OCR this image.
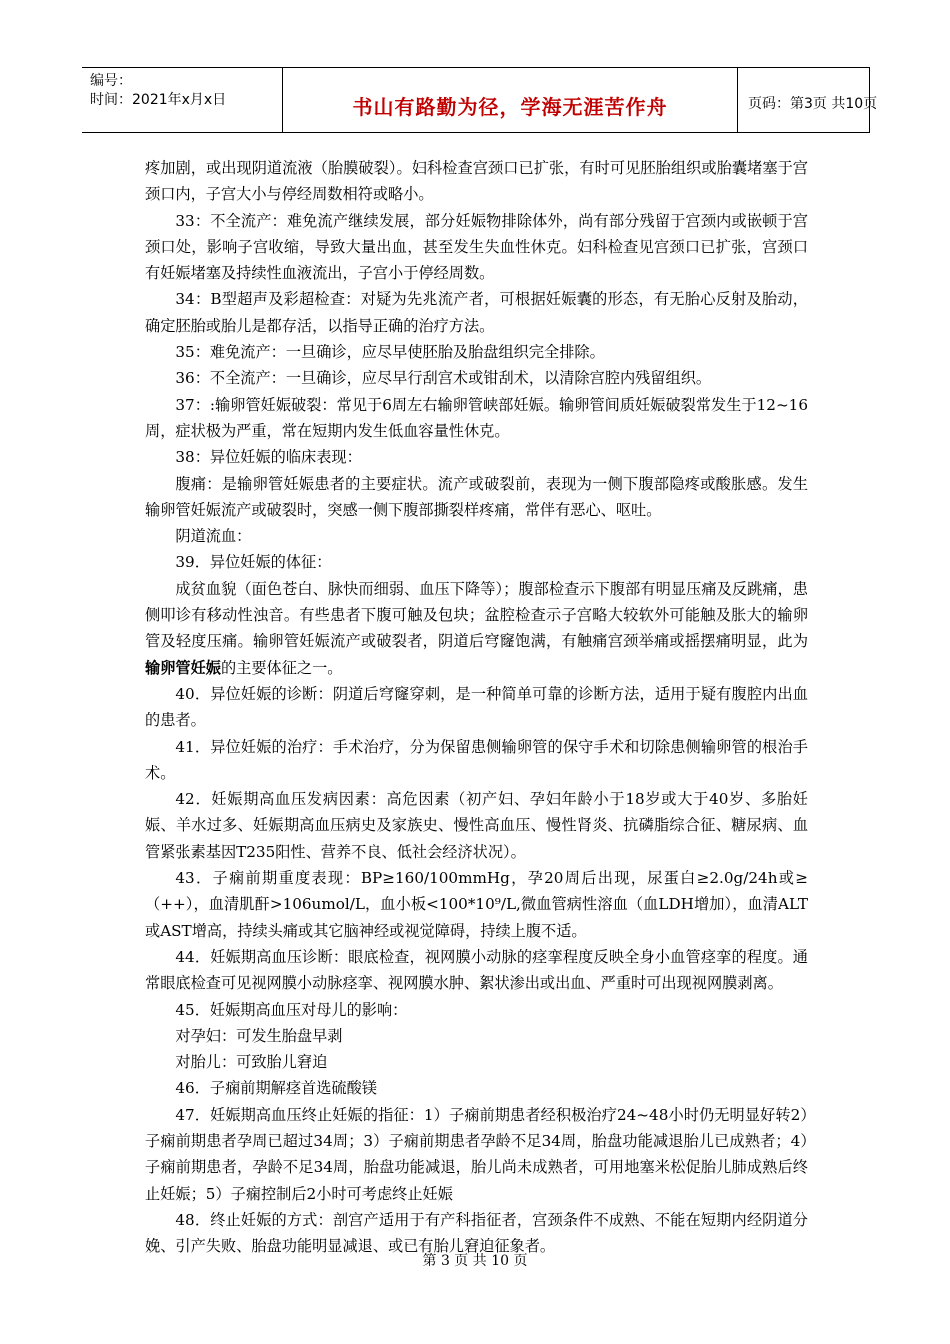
编号：
时间：2021年x月x日	书山有路勤为径，学海无涯苦作舟	页码：第3页 共10页

疼加剧，或出现阴道流液（胎膜破裂）。妇科检查宫颈口已扩张，有时可见胚胎组织或胎囊堵塞于宫颈口内，子宫大小与停经周数相符或略小。

33：不全流产：难免流产继续发展，部分妊娠物排除体外，尚有部分残留于宫颈内或嵌顿于宫颈口处，影响子宫收缩，导致大量出血，甚至发生失血性休克。妇科检查见宫颈口已扩张，宫颈口有妊娠堵塞及持续性血液流出，子宫小于停经周数。

34：B型超声及彩超检查：对疑为先兆流产者，可根据妊娠囊的形态，有无胎心反射及胎动，确定胚胎或胎儿是都存活，以指导正确的治疗方法。

35：难免流产：一旦确诊，应尽早使胚胎及胎盘组织完全排除。

36：不全流产：一旦确诊，应尽早行刮宫术或钳刮术，以清除宫腔内残留组织。

37：:输卵管妊娠破裂：常见于6周左右输卵管峡部妊娠。输卵管间质妊娠破裂常发生于12~16周，症状极为严重，常在短期内发生低血容量性休克。

38：异位妊娠的临床表现：

腹痛：是输卵管妊娠患者的主要症状。流产或破裂前，表现为一侧下腹部隐疼或酸胀感。发生输卵管妊娠流产或破裂时，突感一侧下腹部撕裂样疼痛，常伴有恶心、呕吐。

阴道流血：

39．异位妊娠的体征：

成贫血貌（面色苍白、脉快而细弱、血压下降等）；腹部检查示下腹部有明显压痛及反跳痛，患侧叩诊有移动性浊音。有些患者下腹可触及包块；盆腔检查示子宫略大较软外可能触及胀大的输卵管及轻度压痛。输卵管妊娠流产或破裂者，阴道后穹窿饱满，有触痛宫颈举痛或摇摆痛明显，此为输卵管妊娠的主要体征之一。

40．异位妊娠的诊断：阴道后穹窿穿刺，是一种简单可靠的诊断方法，适用于疑有腹腔内出血的患者。

41．异位妊娠的治疗：手术治疗，分为保留患侧输卵管的保守手术和切除患侧输卵管的根治手术。

42．妊娠期高血压发病因素：高危因素（初产妇、孕妇年龄小于18岁或大于40岁、多胎妊娠、羊水过多、妊娠期高血压病史及家族史、慢性高血压、慢性肾炎、抗磷脂综合征、糖尿病、血管紧张素基因T235阳性、营养不良、低社会经济状况）。

43．子痫前期重度表现：BP≥160/100mmHg，孕20周后出现，尿蛋白≥2.0g/24h或≥（++），血清肌酐>106umol/L，血小板<100*10⁹/L,微血管病性溶血（血LDH增加），血清ALT或AST增高，持续头痛或其它脑神经或视觉障碍，持续上腹不适。

44．妊娠期高血压诊断：眼底检查，视网膜小动脉的痉挛程度反映全身小血管痉挛的程度。通常眼底检查可见视网膜小动脉痉挛、视网膜水肿、絮状渗出或出血、严重时可出现视网膜剥离。

45．妊娠期高血压对母儿的影响：

对孕妇：可发生胎盘早剥

对胎儿：可致胎儿窘迫

46．子痫前期解痉首选硫酸镁

47．妊娠期高血压终止妊娠的指征：1）子痫前期患者经积极治疗24~48小时仍无明显好转2）子痫前期患者孕周已超过34周；3）子痫前期患者孕龄不足34周，胎盘功能减退胎儿已成熟者；4）子痫前期患者，孕龄不足34周，胎盘功能减退，胎儿尚未成熟者，可用地塞米松促胎儿肺成熟后终止妊娠；5）子痫控制后2小时可考虑终止妊娠

48．终止妊娠的方式：剖宫产适用于有产科指征者，宫颈条件不成熟、不能在短期内经阴道分娩、引产失败、胎盘功能明显减退、或已有胎儿窘迫征象者。

第 3 页 共 10 页
